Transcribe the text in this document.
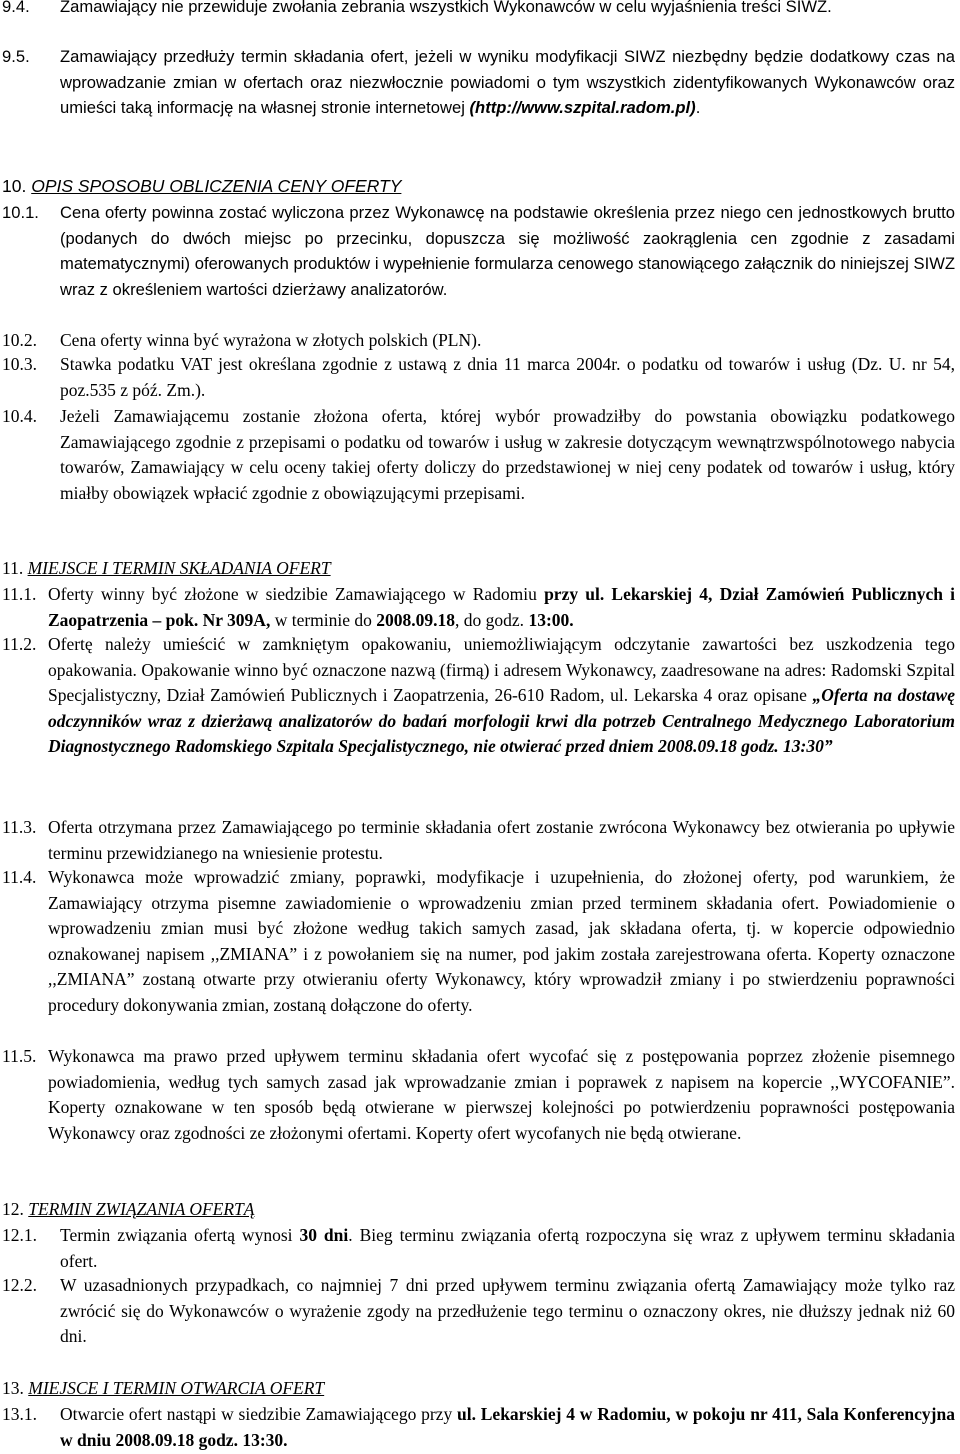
9.4. Zamawiający nie przewiduje zwołania zebrania wszystkich Wykonawców w celu wyjaśnienia treści SIWZ.
9.5. Zamawiający przedłuży termin składania ofert, jeżeli w wyniku modyfikacji SIWZ niezbędny będzie dodatkowy czas na wprowadzanie zmian w ofertach oraz niezwłocznie powiadomi o tym wszystkich zidentyfikowanych Wykonawców oraz umieści taką informację na własnej stronie internetowej (http://www.szpital.radom.pl).
10. OPIS SPOSOBU OBLICZENIA CENY OFERTY
10.1. Cena oferty powinna zostać wyliczona przez Wykonawcę na podstawie określenia przez niego cen jednostkowych brutto (podanych do dwóch miejsc po przecinku, dopuszcza się możliwość zaokrąglenia cen zgodnie z zasadami matematycznymi) oferowanych produktów i wypełnienie formularza cenowego stanowiącego załącznik do niniejszej SIWZ wraz z określeniem wartości dzierżawy analizatorów.
10.2. Cena oferty winna być wyrażona w złotych polskich (PLN).
10.3. Stawka podatku VAT jest określana zgodnie z ustawą z dnia 11 marca 2004r. o podatku od towarów i usług (Dz. U. nr 54, poz.535 z póź. Zm.).
10.4. Jeżeli Zamawiającemu zostanie złożona oferta, której wybór prowadziłby do powstania obowiązku podatkowego Zamawiającego zgodnie z przepisami o podatku od towarów i usług w zakresie dotyczącym wewnątrzwspólnotowego nabycia towarów, Zamawiający w celu oceny takiej oferty doliczy do przedstawionej w niej ceny podatek od towarów i usług, który miałby obowiązek wpłacić zgodnie z obowiązującymi przepisami.
11. MIEJSCE I TERMIN SKŁADANIA OFERT
11.1. Oferty winny być złożone w siedzibie Zamawiającego w Radomiu przy ul. Lekarskiej 4, Dział Zamówień Publicznych i Zaopatrzenia – pok. Nr 309A, w terminie do 2008.09.18, do godz. 13:00.
11.2. Ofertę należy umieścić w zamkniętym opakowaniu, uniemożliwiającym odczytanie zawartości bez uszkodzenia tego opakowania. Opakowanie winno być oznaczone nazwą (firmą) i adresem Wykonawcy, zaadresowane na adres: Radomski Szpital Specjalistyczny, Dział Zamówień Publicznych i Zaopatrzenia, 26-610 Radom, ul. Lekarska 4 oraz opisane „Oferta na dostawę odczynników wraz z dzierżawą analizatorów do badań morfologii krwi dla potrzeb Centralnego Medycznego Laboratorium Diagnostycznego Radomskiego Szpitala Specjalistycznego, nie otwierać przed dniem 2008.09.18 godz. 13:30”
11.3. Oferta otrzymana przez Zamawiającego po terminie składania ofert zostanie zwrócona Wykonawcy bez otwierania po upływie terminu przewidzianego na wniesienie protestu.
11.4. Wykonawca może wprowadzić zmiany, poprawki, modyfikacje i uzupełnienia, do złożonej oferty, pod warunkiem, że Zamawiający otrzyma pisemne zawiadomienie o wprowadzeniu zmian przed terminem składania ofert. Powiadomienie o wprowadzeniu zmian musi być złożone według takich samych zasad, jak składana oferta, tj. w kopercie odpowiednio oznakowanej napisem ,,ZMIANA” i z powołaniem się na numer, pod jakim została zarejestrowana oferta. Koperty oznaczone ,,ZMIANA” zostaną otwarte przy otwieraniu oferty Wykonawcy, który wprowadził zmiany i po stwierdzeniu poprawności procedury dokonywania zmian, zostaną dołączone do oferty.
11.5. Wykonawca ma prawo przed upływem terminu składania ofert wycofać się z postępowania poprzez złożenie pisemnego powiadomienia, według tych samych zasad jak wprowadzanie zmian i poprawek z napisem na kopercie ,,WYCOFANIE”. Koperty oznakowane w ten sposób będą otwierane w pierwszej kolejności po potwierdzeniu poprawności postępowania Wykonawcy oraz zgodności ze złożonymi ofertami. Koperty ofert wycofanych nie będą otwierane.
12. TERMIN ZWIĄZANIA OFERTĄ
12.1. Termin związania ofertą wynosi 30 dni. Bieg terminu związania ofertą rozpoczyna się wraz z upływem terminu składania ofert.
12.2. W uzasadnionych przypadkach, co najmniej 7 dni przed upływem terminu związania ofertą Zamawiający może tylko raz zwrócić się do Wykonawców o wyrażenie zgody na przedłużenie tego terminu o oznaczony okres, nie dłuższy jednak niż 60 dni.
13. MIEJSCE I TERMIN OTWARCIA OFERT
13.1. Otwarcie ofert nastąpi w siedzibie Zamawiającego przy ul. Lekarskiej 4 w Radomiu, w pokoju nr 411, Sala Konferencyjna w dniu 2008.09.18 godz. 13:30.
